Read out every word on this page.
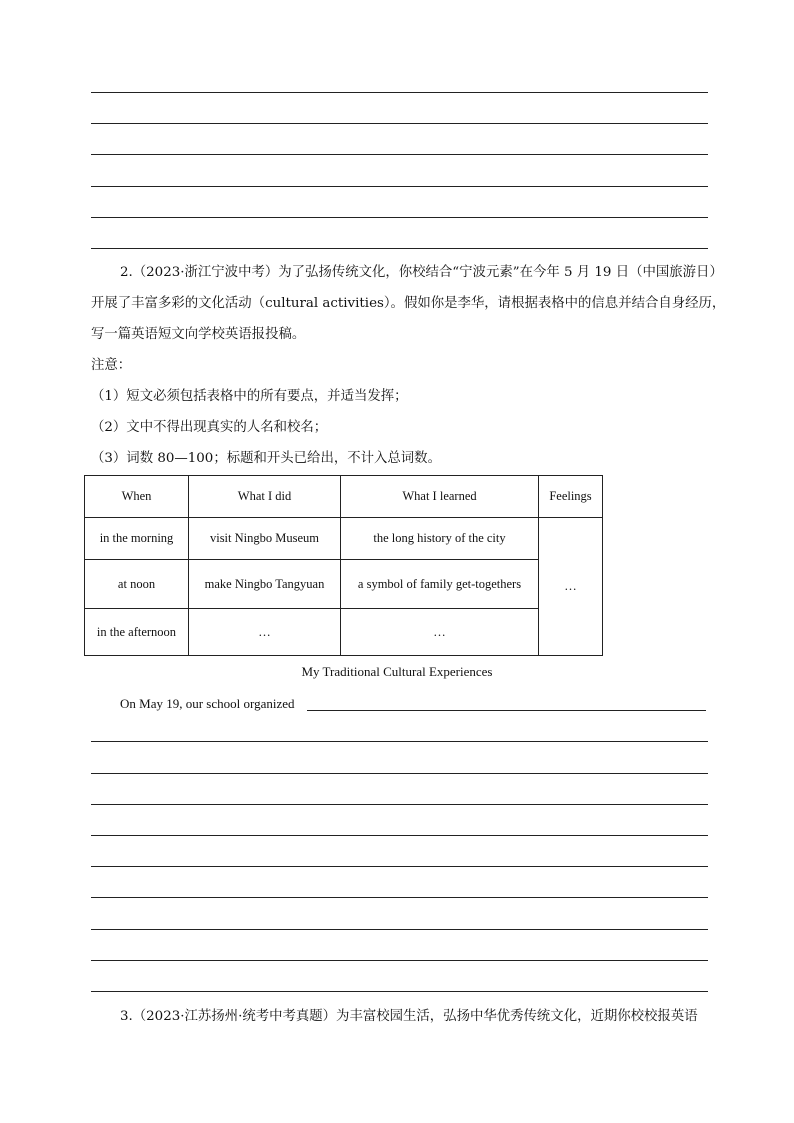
2.（2023·浙江宁波中考）为了弘扬传统文化，你校结合“宁波元素”在今年 5 月 19 日（中国旅游日）
开展了丰富多彩的文化活动（cultural activities）。假如你是李华，请根据表格中的信息并结合自身经历，
写一篇英语短文向学校英语报投稿。
注意：
（1）短文必须包括表格中的所有要点，并适当发挥；
（2）文中不得出现真实的人名和校名；
（3）词数 80—100；标题和开头已给出，不计入总词数。
When	What I did	What I learned	Feelings
in the morning	visit Ningbo Museum	the long history of the city	…
at noon	make Ningbo Tangyuan	a symbol of family get-togethers	
in the afternoon	…	…	
My Traditional Cultural Experiences
On May 19, our school organized
3.（2023·江苏扬州·统考中考真题）为丰富校园生活，弘扬中华优秀传统文化，近期你校校报英语
